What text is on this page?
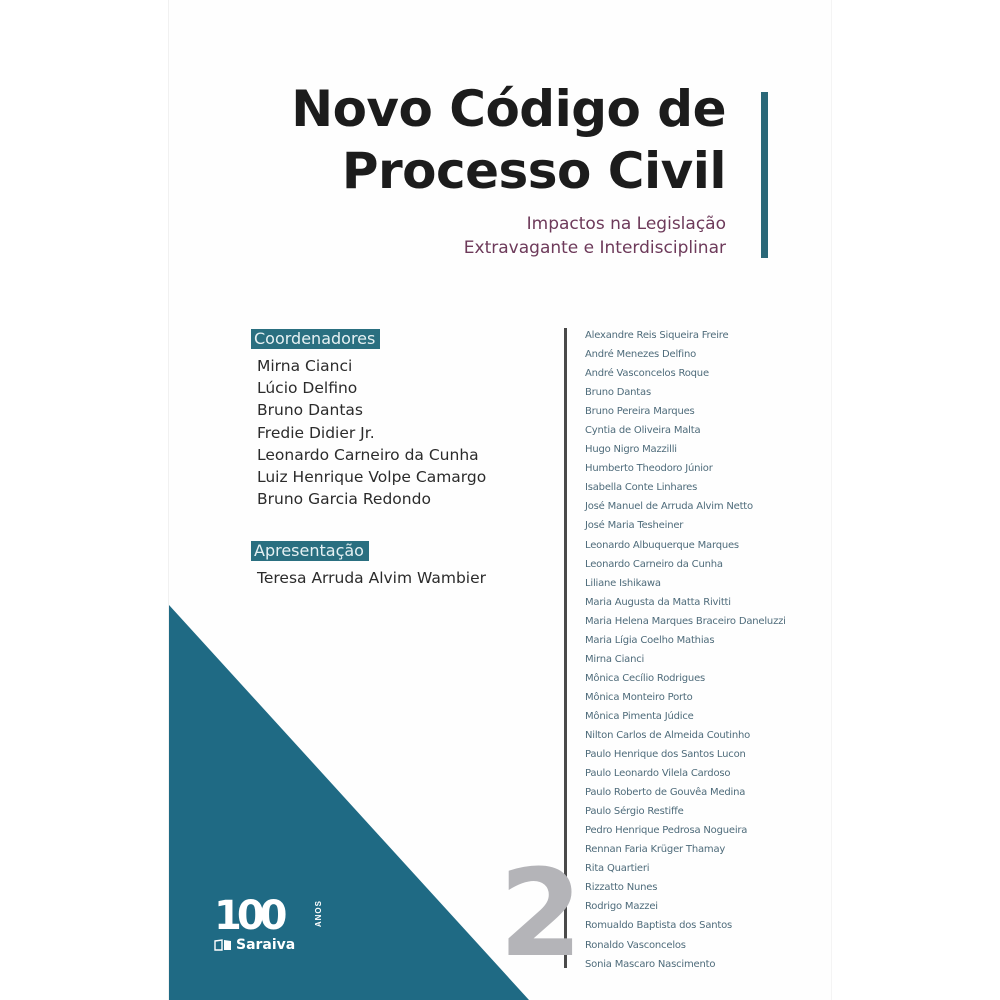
Novo Código de
Processo Civil
Impactos na Legislação
Extravagante e Interdisciplinar
Coordenadores
Mirna Cianci
Lúcio Delfino
Bruno Dantas
Fredie Didier Jr.
Leonardo Carneiro da Cunha
Luiz Henrique Volpe Camargo
Bruno Garcia Redondo
Apresentação
Teresa Arruda Alvim Wambier
Alexandre Reis Siqueira Freire
André Menezes Delfino
André Vasconcelos Roque
Bruno Dantas
Bruno Pereira Marques
Cyntia de Oliveira Malta
Hugo Nigro Mazzilli
Humberto Theodoro Júnior
Isabella Conte Linhares
José Manuel de Arruda Alvim Netto
José Maria Tesheiner
Leonardo Albuquerque Marques
Leonardo Carneiro da Cunha
Liliane Ishikawa
Maria Augusta da Matta Rivitti
Maria Helena Marques Braceiro Daneluzzi
Maria Lígia Coelho Mathias
Mirna Cianci
Mônica Cecílio Rodrigues
Mônica Monteiro Porto
Mônica Pimenta Júdice
Nilton Carlos de Almeida Coutinho
Paulo Henrique dos Santos Lucon
Paulo Leonardo Vilela Cardoso
Paulo Roberto de Gouvêa Medina
Paulo Sérgio Restiffe
Pedro Henrique Pedrosa Nogueira
Rennan Faria Krüger Thamay
Rita Quartieri
Rizzatto Nunes
Rodrigo Mazzei
Romualdo Baptista dos Santos
Ronaldo Vasconcelos
Sonia Mascaro Nascimento
2
100	ANOS
Saraiva
